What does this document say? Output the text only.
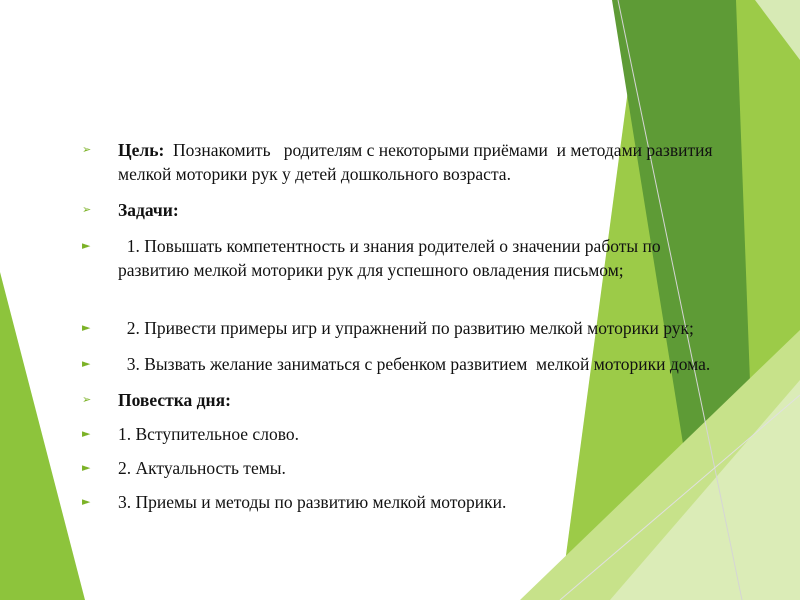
➢	Цель:  Познакомить   родителям с некоторыми приёмами  и методами развития мелкой моторики рук у детей дошкольного возраста.
➢	Задачи:
►	1. Повышать компетентность и знания родителей о значении работы по развитию мелкой моторики рук для успешного овладения письмом;
►	2. Привести примеры игр и упражнений по развитию мелкой моторики рук;
►	3. Вызвать желание заниматься с ребенком развитием  мелкой моторики дома.
➢	Повестка дня:
►	1. Вступительное слово.
►	2. Актуальность темы.
►	3. Приемы и методы по развитию мелкой моторики.
